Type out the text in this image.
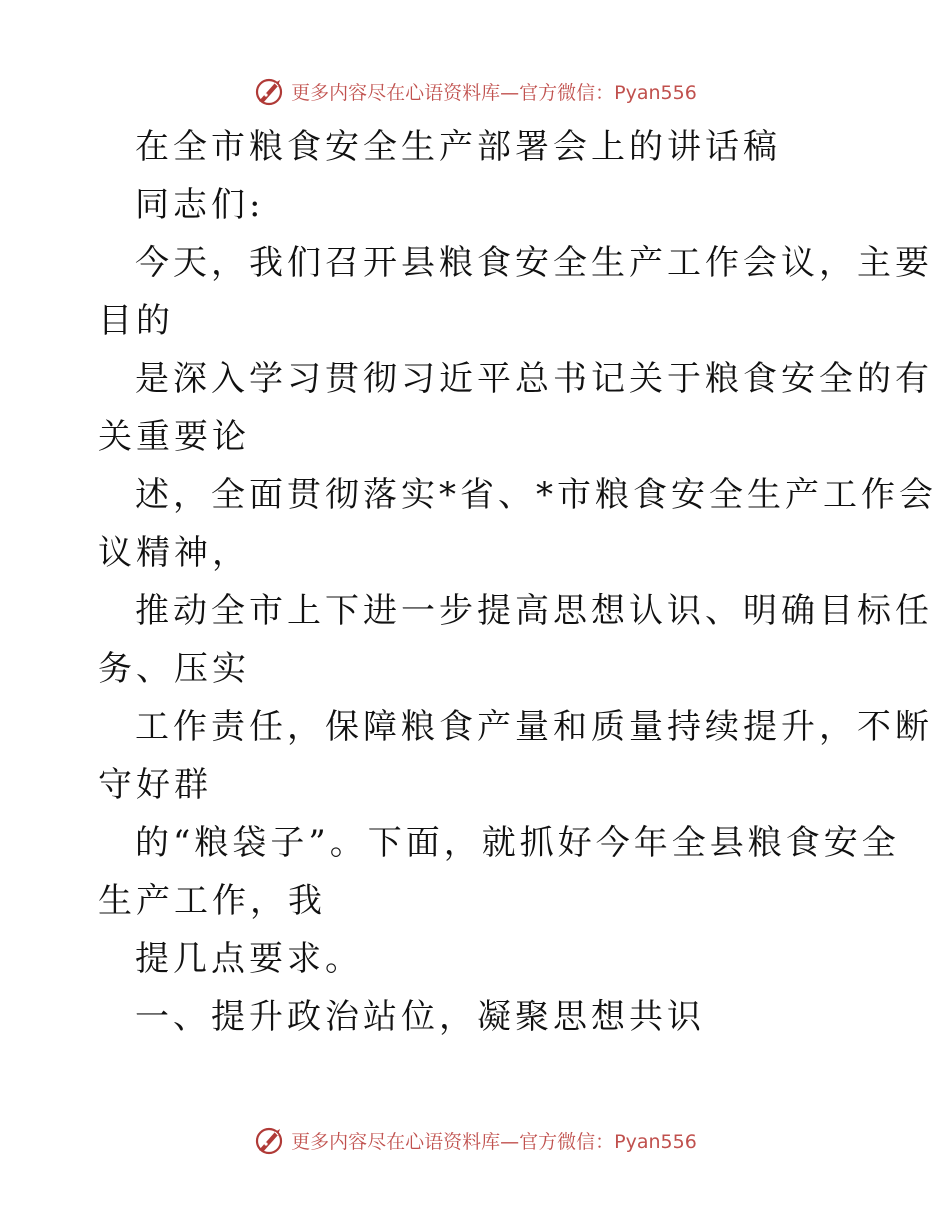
更多内容尽在心语资料库—官方微信：Pyan556
在全市粮食安全生产部署会上的讲话稿
同志们:
今天，我们召开县粮食安全生产工作会议，主要
目的
是深入学习贯彻习近平总书记关于粮食安全的有
关重要论
述，全面贯彻落实*省、*市粮食安全生产工作会
议精神，
推动全市上下进一步提高思想认识、明确目标任
务、压实
工作责任，保障粮食产量和质量持续提升，不断
守好群
的“粮袋子”。下面，就抓好今年全县粮食安全
生产工作，我
提几点要求。
一、提升政治站位，凝聚思想共识
更多内容尽在心语资料库—官方微信：Pyan556
